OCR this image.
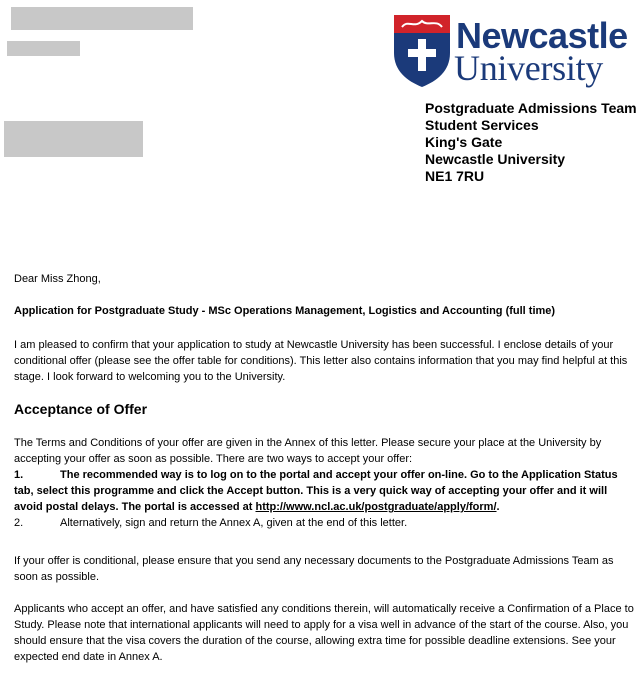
Newcastle
University
Postgraduate Admissions Team
Student Services
King's Gate
Newcastle University
NE1 7RU
Dear Miss Zhong,
Application for Postgraduate Study - MSc Operations Management, Logistics and Accounting (full time)
I am pleased to confirm that your application to study at Newcastle University has been successful. I enclose details of your conditional offer (please see the offer table for conditions). This letter also contains information that you may find helpful at this stage. I look forward to welcoming you to the University.
Acceptance of Offer
The Terms and Conditions of your offer are given in the Annex of this letter. Please secure your place at the University by accepting your offer as soon as possible. There are two ways to accept your offer:
1.	The recommended way is to log on to the portal and accept your offer on-line. Go to the Application Status tab, select this programme and click the Accept button. This is a very quick way of accepting your offer and it will avoid postal delays. The portal is accessed at http://www.ncl.ac.uk/postgraduate/apply/form/.
2.	Alternatively, sign and return the Annex A, given at the end of this letter.
If your offer is conditional, please ensure that you send any necessary documents to the Postgraduate Admissions Team as soon as possible.
Applicants who accept an offer, and have satisfied any conditions therein, will automatically receive a Confirmation of a Place to Study. Please note that international applicants will need to apply for a visa well in advance of the start of the course. Also, you should ensure that the visa covers the duration of the course, allowing extra time for possible deadline extensions. See your expected end date in Annex A.
